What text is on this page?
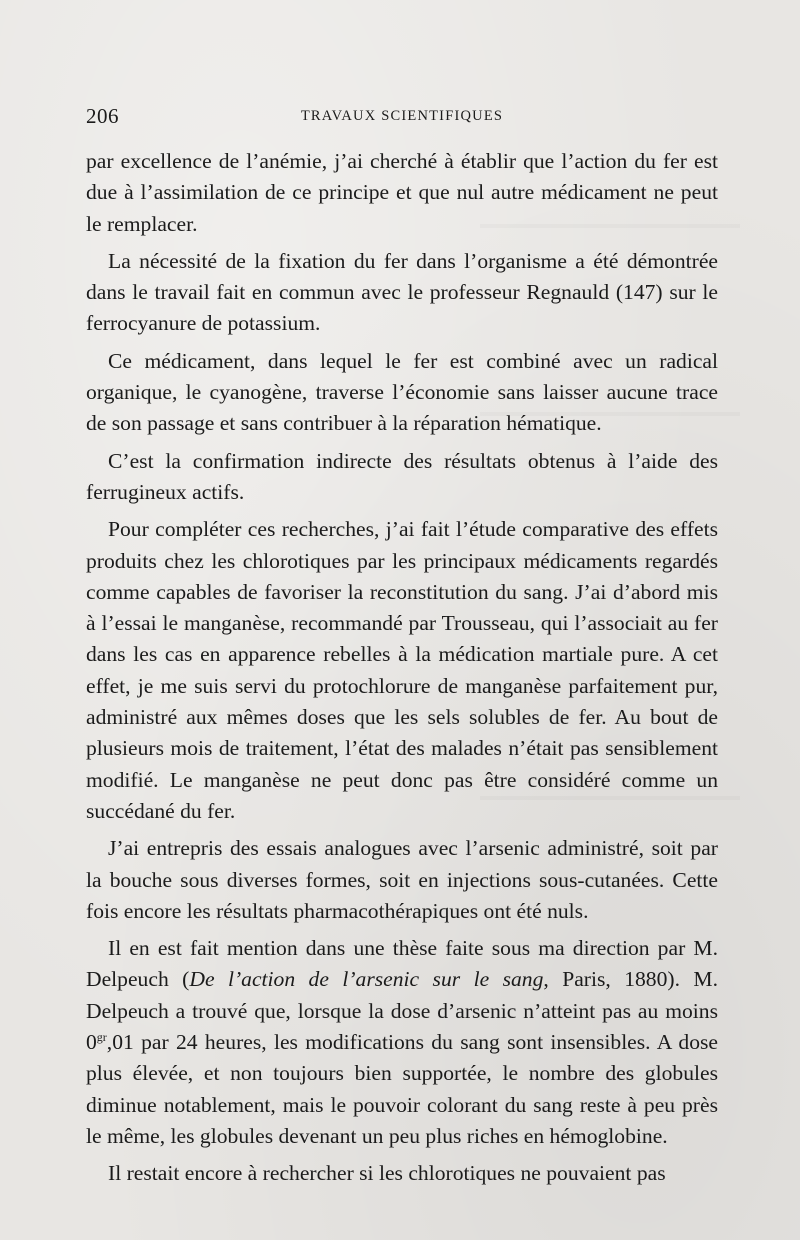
206	TRAVAUX SCIENTIFIQUES

par excellence de l’anémie, j’ai cherché à établir que l’action du fer est due à l’assimilation de ce principe et que nul autre médicament ne peut le remplacer.

La nécessité de la fixation du fer dans l’organisme a été démontrée dans le travail fait en commun avec le professeur Regnauld (147) sur le ferrocyanure de potassium.

Ce médicament, dans lequel le fer est combiné avec un radical organique, le cyanogène, traverse l’économie sans laisser aucune trace de son passage et sans contribuer à la réparation hématique.

C’est la confirmation indirecte des résultats obtenus à l’aide des ferrugineux actifs.

Pour compléter ces recherches, j’ai fait l’étude comparative des effets produits chez les chlorotiques par les principaux médicaments regardés comme capables de favoriser la reconstitution du sang. J’ai d’abord mis à l’essai le manganèse, recommandé par Trousseau, qui l’associait au fer dans les cas en apparence rebelles à la médication martiale pure. A cet effet, je me suis servi du protochlorure de manganèse parfaitement pur, administré aux mêmes doses que les sels solubles de fer. Au bout de plusieurs mois de traitement, l’état des malades n’était pas sensiblement modifié. Le manganèse ne peut donc pas être considéré comme un succédané du fer.

J’ai entrepris des essais analogues avec l’arsenic administré, soit par la bouche sous diverses formes, soit en injections sous-cutanées. Cette fois encore les résultats pharmacothérapiques ont été nuls.

Il en est fait mention dans une thèse faite sous ma direction par M. Delpeuch (De l’action de l’arsenic sur le sang, Paris, 1880). M. Delpeuch a trouvé que, lorsque la dose d’arsenic n’atteint pas au moins $0^{gr},01$ par 24 heures, les modifications du sang sont insensibles. A dose plus élevée, et non toujours bien supportée, le nombre des globules diminue notablement, mais le pouvoir colorant du sang reste à peu près le même, les globules devenant un peu plus riches en hémoglobine.

Il restait encore à rechercher si les chlorotiques ne pouvaient pas
